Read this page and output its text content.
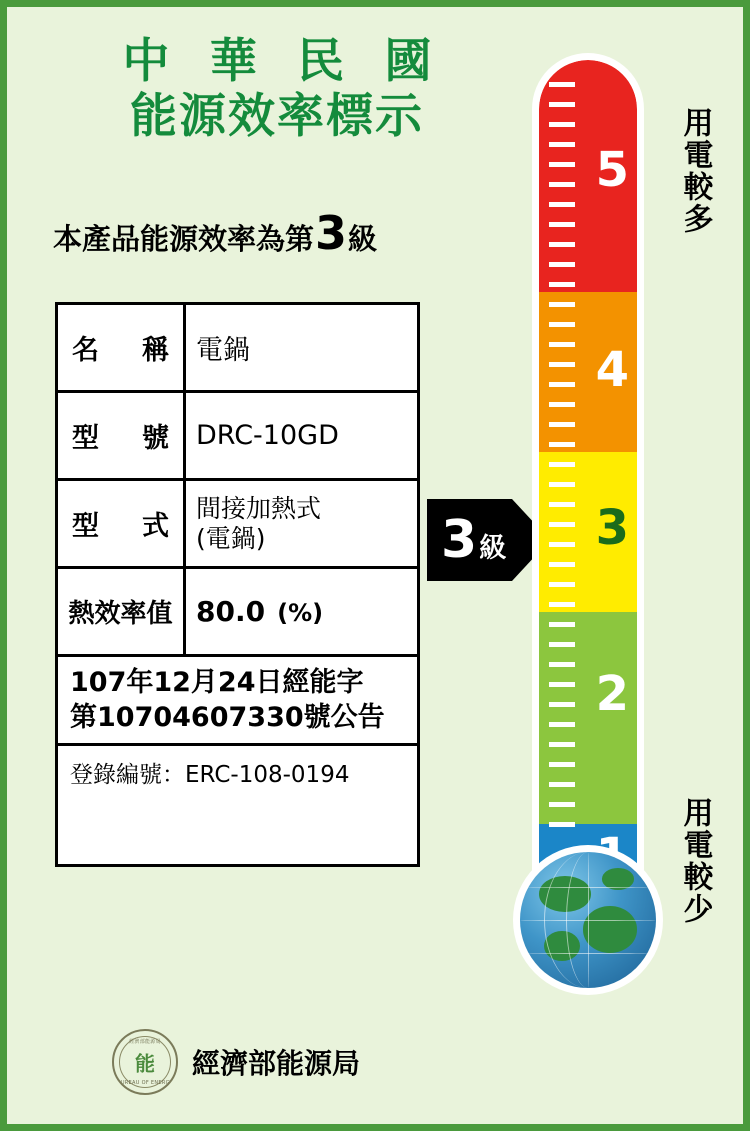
中 華 民 國
能源效率標示
本產品能源效率為第 3 級
名　稱 電鍋
型　號 DRC-10GD
型　式
間接加熱式
(電鍋)
熱效率值 80.0 (%)
107年12月24日經能字
第10704607330號公告
登錄編號：ERC-108-0194
經濟部能源局
能
BUREAU OF ENERGY
經濟部能源局
3 級
5
4
3
2
用電較多
用電較少
